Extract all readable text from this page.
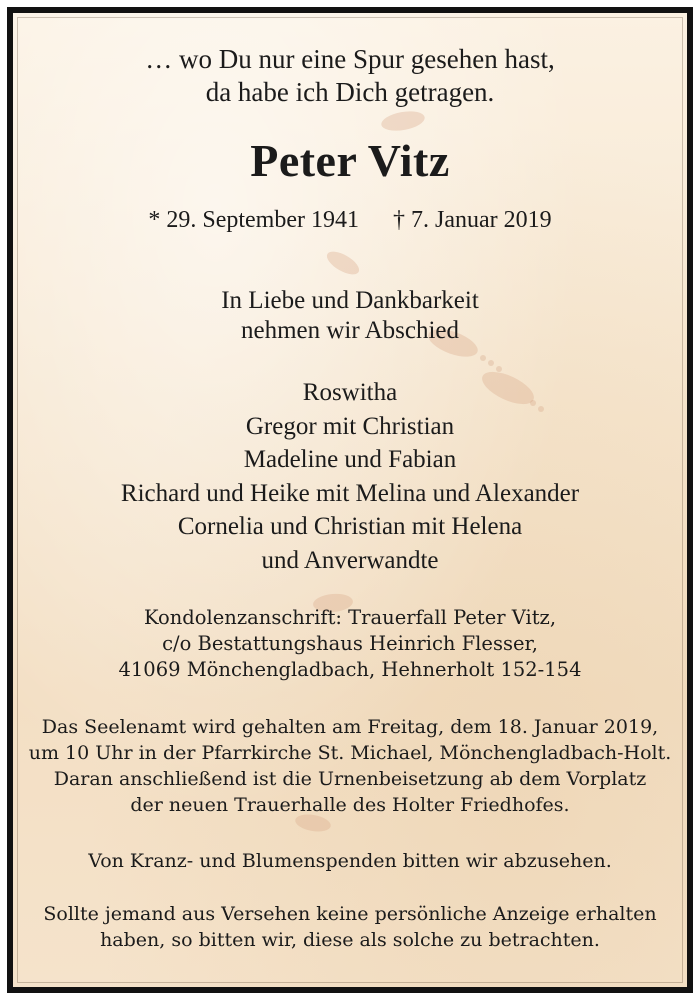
… wo Du nur eine Spur gesehen hast,
da habe ich Dich getragen.
Peter Vitz
* 29. September 1941 † 7. Januar 2019
In Liebe und Dankbarkeit
nehmen wir Abschied
Roswitha
Gregor mit Christian
Madeline und Fabian
Richard und Heike mit Melina und Alexander
Cornelia und Christian mit Helena
und Anverwandte
Kondolenzanschrift: Trauerfall Peter Vitz,
c/o Bestattungshaus Heinrich Flesser,
41069 Mönchengladbach, Hehnerholt 152-154
Das Seelenamt wird gehalten am Freitag, dem 18. Januar 2019,
um 10 Uhr in der Pfarrkirche St. Michael, Mönchengladbach-Holt.
Daran anschließend ist die Urnenbeisetzung ab dem Vorplatz
der neuen Trauerhalle des Holter Friedhofes.
Von Kranz- und Blumenspenden bitten wir abzusehen.
Sollte jemand aus Versehen keine persönliche Anzeige erhalten
haben, so bitten wir, diese als solche zu betrachten.
